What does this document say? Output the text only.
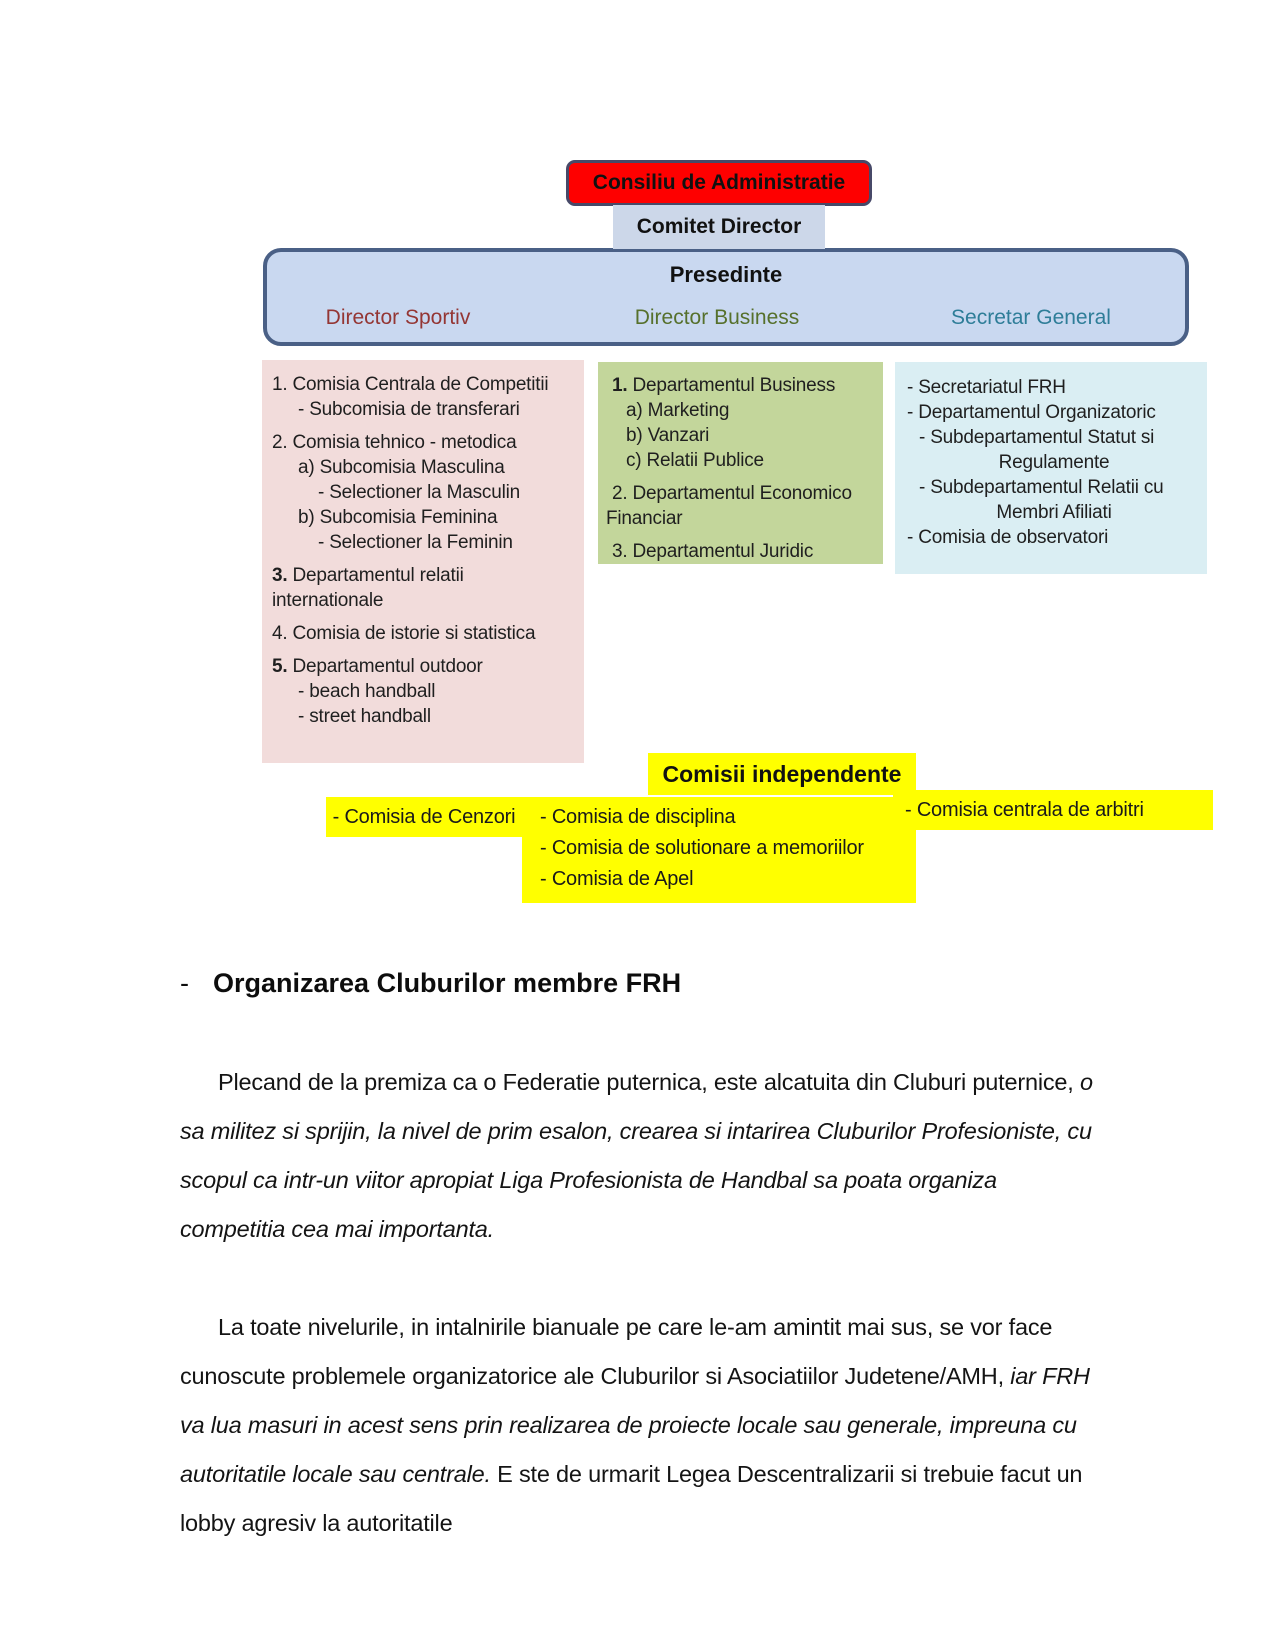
Consiliu de Administratie
Comitet Director
Presedinte
Director Sportiv	Director Business	Secretar General
1. Comisia Centrala de Competitii
- Subcomisia de transferari
2. Comisia tehnico - metodica
a) Subcomisia Masculina
- Selectioner la Masculin
b) Subcomisia Feminina
- Selectioner la Feminin
3. Departamentul relatii
internationale
4. Comisia de istorie si statistica
5. Departamentul outdoor
- beach handball
- street handball
1. Departamentul Business
a) Marketing
b) Vanzari
c) Relatii Publice
2. Departamentul Economico
Financiar
3. Departamentul Juridic
- Secretariatul FRH
- Departamentul Organizatoric
- Subdepartamentul Statut si
Regulamente
- Subdepartamentul Relatii cu
Membri Afiliati
- Comisia de observatori
Comisii independente
- Comisia de Cenzori	- Comisia de disciplina
- Comisia de solutionare a memoriilor
- Comisia de Apel
- Comisia centrala de arbitri
- Organizarea Cluburilor membre FRH

Plecand de la premiza ca o Federatie puternica, este alcatuita din Cluburi puternice, o sa militez si sprijin, la nivel de prim esalon, crearea si intarirea Cluburilor Profesioniste, cu scopul ca intr-un viitor apropiat Liga Profesionista de Handbal sa poata organiza competitia cea mai importanta.

La toate nivelurile, in intalnirile bianuale pe care le-am amintit mai sus, se vor face cunoscute problemele organizatorice ale Cluburilor si Asociatiilor Judetene/AMH, iar FRH va lua masuri in acest sens prin realizarea de proiecte locale sau generale, impreuna cu autoritatile locale sau centrale. E ste de urmarit Legea Descentralizarii si trebuie facut un lobby agresiv la autoritatile
